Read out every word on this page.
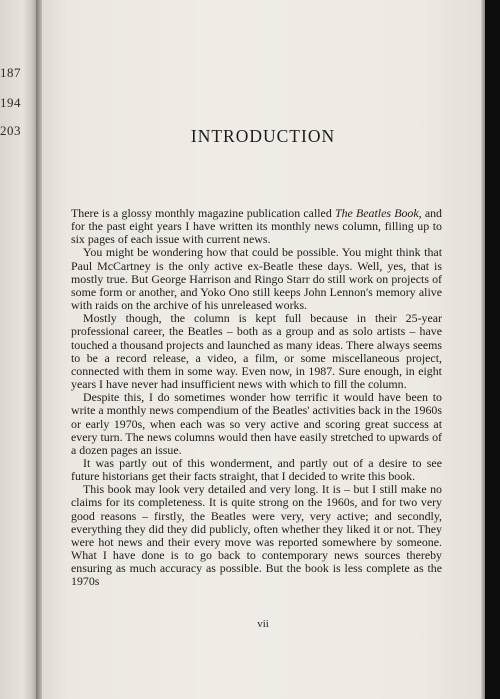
187
194
203	INTRODUCTION

There is a glossy monthly magazine publication called The Beatles Book, and for the past eight years I have written its monthly news column, filling up to six pages of each issue with current news.

You might be wondering how that could be possible. You might think that Paul McCartney is the only active ex-Beatle these days. Well, yes, that is mostly true. But George Harrison and Ringo Starr do still work on projects of some form or another, and Yoko Ono still keeps John Lennon's memory alive with raids on the archive of his unreleased works.

Mostly though, the column is kept full because in their 25-year professional career, the Beatles – both as a group and as solo artists – have touched a thousand projects and launched as many ideas. There always seems to be a record release, a video, a film, or some miscellaneous project, connected with them in some way. Even now, in 1987. Sure enough, in eight years I have never had insufficient news with which to fill the column.

Despite this, I do sometimes wonder how terrific it would have been to write a monthly news compendium of the Beatles' activities back in the 1960s or early 1970s, when each was so very active and scoring great success at every turn. The news columns would then have easily stretched to upwards of a dozen pages an issue.

It was partly out of this wonderment, and partly out of a desire to see future historians get their facts straight, that I decided to write this book.

This book may look very detailed and very long. It is – but I still make no claims for its completeness. It is quite strong on the 1960s, and for two very good reasons – firstly, the Beatles were very, very active; and secondly, everything they did they did publicly, often whether they liked it or not. They were hot news and their every move was reported somewhere by someone. What I have done is to go back to contemporary news sources thereby ensuring as much accuracy as possible. But the book is less complete as the 1970s

vii
